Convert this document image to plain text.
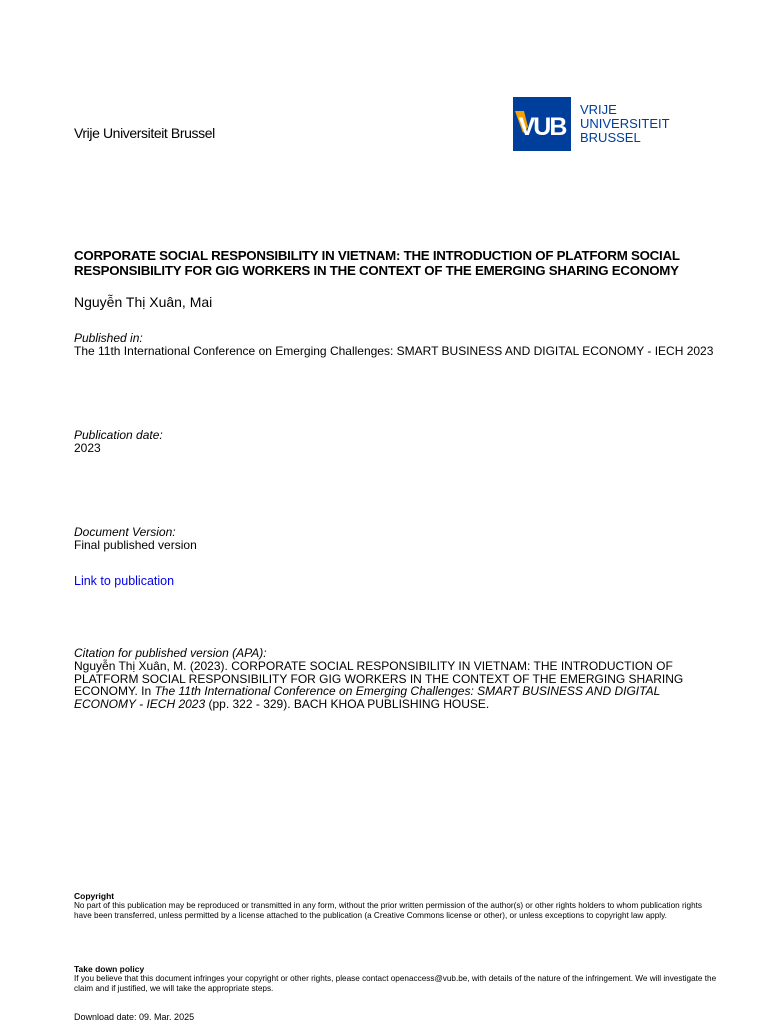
Vrije Universiteit Brussel	VUB
VRIJE
UNIVERSITEIT
BRUSSEL
CORPORATE SOCIAL RESPONSIBILITY IN VIETNAM: THE INTRODUCTION OF PLATFORM SOCIAL RESPONSIBILITY FOR GIG WORKERS IN THE CONTEXT OF THE EMERGING SHARING ECONOMY
Nguyễn Thị Xuân, Mai
Published in:
The 11th International Conference on Emerging Challenges: SMART BUSINESS AND DIGITAL ECONOMY - IECH 2023
Publication date:
2023
Document Version:
Final published version
Link to publication
Citation for published version (APA):
Nguyễn Thị Xuân, M. (2023). CORPORATE SOCIAL RESPONSIBILITY IN VIETNAM: THE INTRODUCTION OF PLATFORM SOCIAL RESPONSIBILITY FOR GIG WORKERS IN THE CONTEXT OF THE EMERGING SHARING ECONOMY. In The 11th International Conference on Emerging Challenges: SMART BUSINESS AND DIGITAL ECONOMY - IECH 2023 (pp. 322 - 329). BACH KHOA PUBLISHING HOUSE.
Copyright
No part of this publication may be reproduced or transmitted in any form, without the prior written permission of the author(s) or other rights holders to whom publication rights have been transferred, unless permitted by a license attached to the publication (a Creative Commons license or other), or unless exceptions to copyright law apply.
Take down policy
If you believe that this document infringes your copyright or other rights, please contact openaccess@vub.be, with details of the nature of the infringement. We will investigate the claim and if justified, we will take the appropriate steps.
Download date: 09. Mar. 2025
